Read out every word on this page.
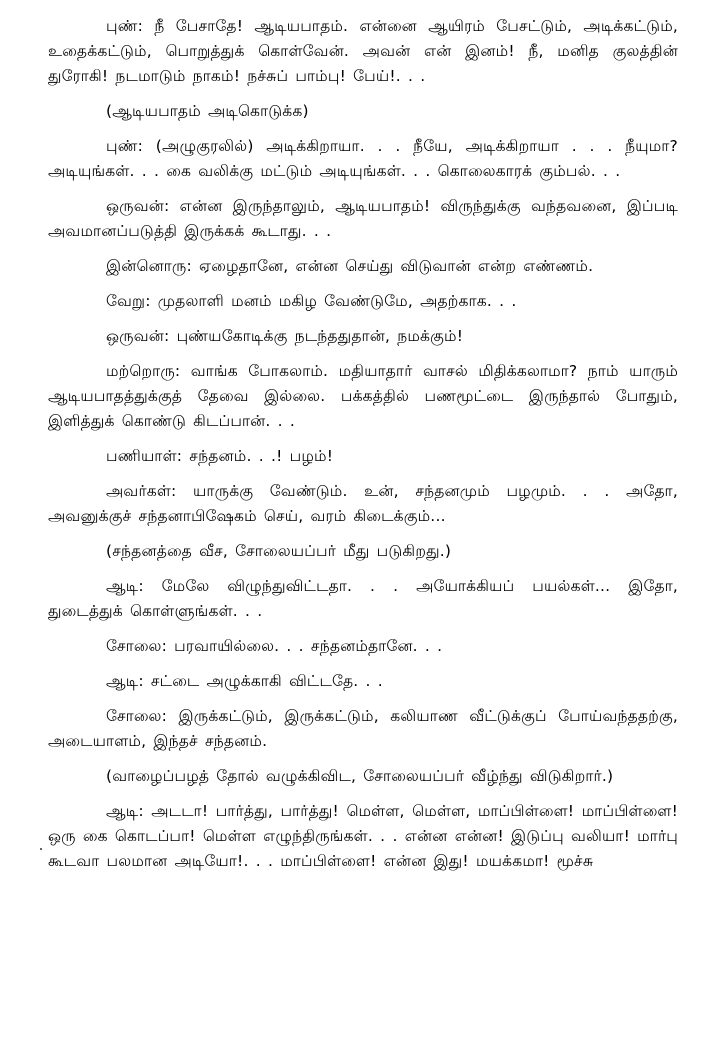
புண்: நீ பேசாதே! ஆடியபாதம். என்னை ஆயிரம் பேசட்டும், அடிக்கட்டும், உதைக்கட்டும், பொறுத்துக் கொள்வேன். அவன் என் இனம்! நீ, மனித குலத்தின் துரோகி! நடமாடும் நாகம்! நச்சுப் பாம்பு! பேய்!. . .

(ஆடியபாதம் அடிகொடுக்க)

புண்: (அழுகுரலில்) அடிக்கிறாயா. . . நீயே, அடிக்கிறாயா . . . நீயுமா? அடியுங்கள். . . கை வலிக்கு மட்டும் அடியுங்கள். . . கொலைகாரக் கும்பல். . .

ஒருவன்: என்ன இருந்தாலும், ஆடியபாதம்! விருந்துக்கு வந்தவனை, இப்படி அவமானப்படுத்தி இருக்கக் கூடாது. . .

இன்னொரு: ஏழைதானே, என்ன செய்து விடுவான் என்ற எண்ணம்.

வேறு: முதலாளி மனம் மகிழ வேண்டுமே, அதற்காக. . .

ஒருவன்: புண்யகோடிக்கு நடந்ததுதான், நமக்கும்!

மற்றொரு: வாங்க போகலாம். மதியாதார் வாசல் மிதிக்கலாமா? நாம் யாரும் ஆடியபாதத்துக்குத் தேவை இல்லை. பக்கத்தில் பணமூட்டை இருந்தால் போதும், இளித்துக் கொண்டு கிடப்பான். . .

பணியாள்: சந்தனம். . .! பழம்!

அவர்கள்: யாருக்கு வேண்டும். உன், சந்தனமும் பழமும். . . அதோ, அவனுக்குச் சந்தனாபிஷேகம் செய், வரம் கிடைக்கும்...

(சந்தனத்தை வீச, சோலையப்பர் மீது படுகிறது.)

ஆடி: மேலே விழுந்துவிட்டதா. . . அயோக்கியப் பயல்கள்... இதோ, துடைத்துக் கொள்ளுங்கள். . .

சோலை: பரவாயில்லை. . . சந்தனம்தானே. . .

ஆடி: சட்டை அழுக்காகி விட்டதே. . .

சோலை: இருக்கட்டும், இருக்கட்டும், கலியாண வீட்டுக்குப் போய்வந்ததற்கு, அடையாளம், இந்தச் சந்தனம்.

(வாழைப்பழத் தோல் வழுக்கிவிட, சோலையப்பர் வீழ்ந்து விடுகிறார்.)

ஆடி: அடடா! பார்த்து, பார்த்து! மெள்ள, மெள்ள, மாப்பிள்ளை! மாப்பிள்ளை! ஒரு கை கொடப்பா! மெள்ள எழுந்திருங்கள். . . என்ன என்ன! இடுப்பு வலியா! மார்பு கூடவா பலமான அடியோ!. . . மாப்பிள்ளை! என்ன இது! மயக்கமா! மூச்சு
